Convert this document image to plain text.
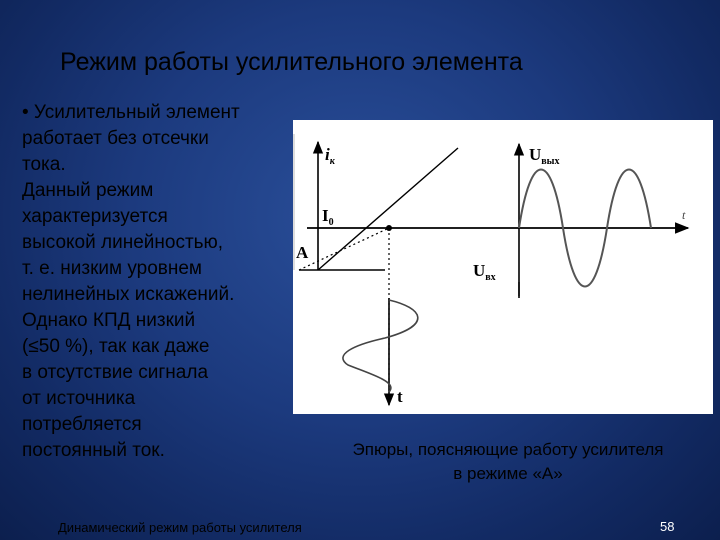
Режим работы усилительного элемента
• Усилительный элемент
работает без отсечки
тока.
Данный режим
характеризуется
высокой линейностью,
т. е. низким уровнем
нелинейных искажений.
Однако КПД низкий
(≤50 %), так как даже
в отсутствие сигнала
от источника
потребляется
постоянный ток.
$i_к$
$I_0$
t
A
t
$U_{вых}$
$U_{вх}$
Эпюры, поясняющие работу усилителя
в режиме «А»
Динамический режим работы усилителя	58
